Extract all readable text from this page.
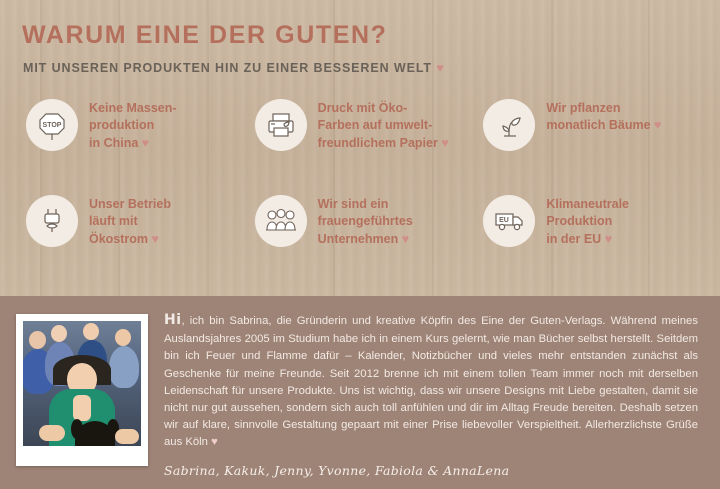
WARUM EINE DER GUTEN?
MIT UNSEREN PRODUKTEN HIN ZU EINER BESSEREN WELT ♥
STOP
Keine Massen-
produktion
in China ♥
Druck mit Öko-
Farben auf umwelt-
freundlichem Papier ♥
Wir pflanzen
monatlich Bäume ♥
Unser Betrieb
läuft mit
Ökostrom ♥
Wir sind ein
frauengeführtes
Unternehmen ♥
EU
Klimaneutrale
Produktion
in der EU ♥
Hi, ich bin Sabrina, die Gründerin und kreative Köpfin des Eine der Guten-Verlags. Während meines Auslandsjahres 2005 im Studium habe ich in einem Kurs gelernt, wie man Bücher selbst herstellt. Seitdem bin ich Feuer und Flamme dafür – Kalender, Notizbücher und vieles mehr entstanden zunächst als Geschenke für meine Freunde. Seit 2012 brenne ich mit einem tollen Team immer noch mit derselben Leidenschaft für unsere Produkte. Uns ist wichtig, dass wir unsere Designs mit Liebe gestalten, damit sie nicht nur gut aussehen, sondern sich auch toll anfühlen und dir im Alltag Freude bereiten. Deshalb setzen wir auf klare, sinnvolle Gestaltung gepaart mit einer Prise liebevoller Verspieltheit. Allerherzlichste Grüße aus Köln ♥
Sabrina, Kakuk, Jenny, Yvonne, Fabiola & AnnaLena
